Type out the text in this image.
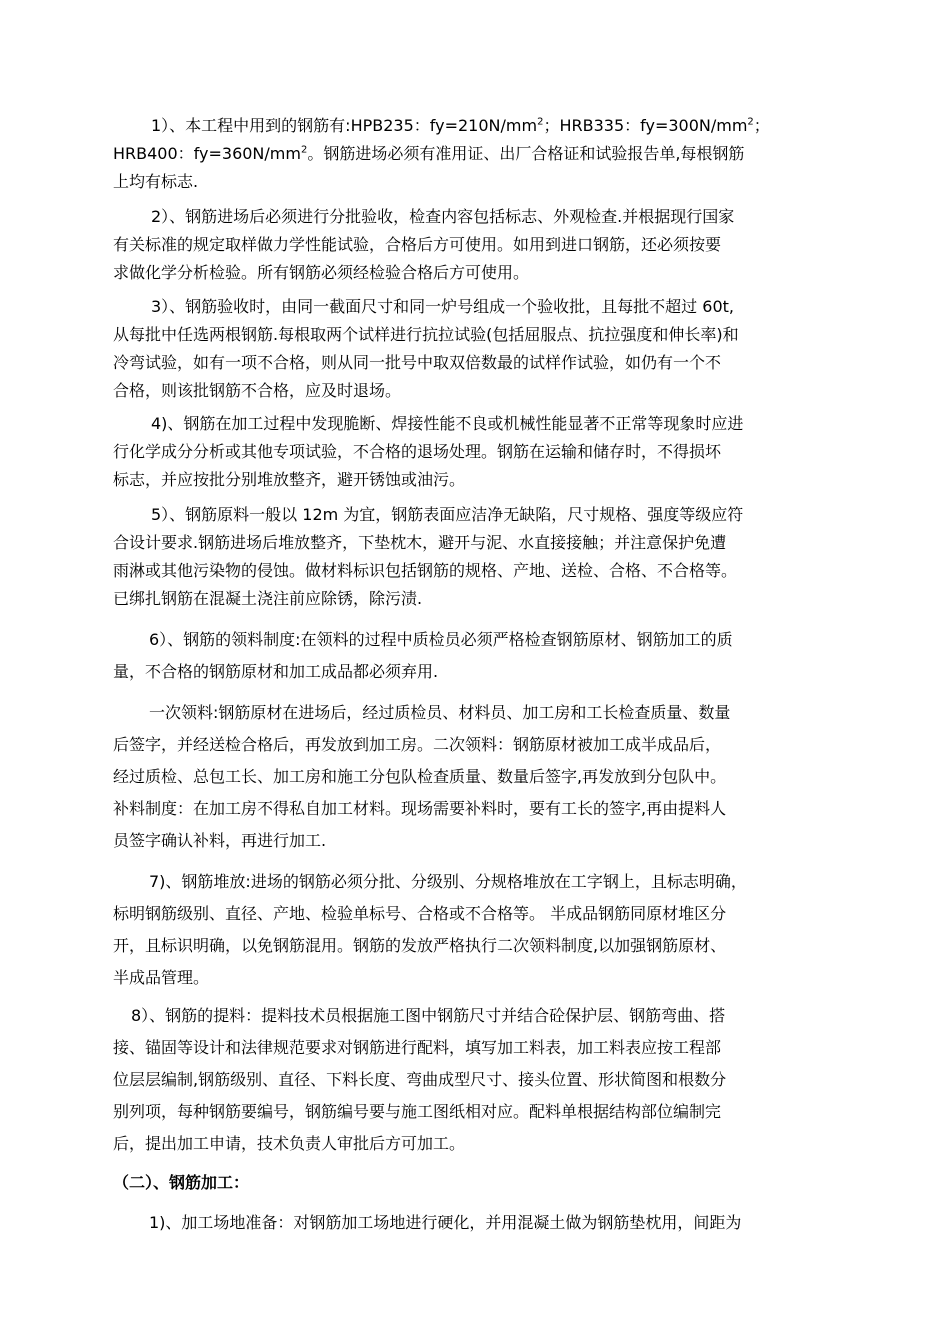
1）、本工程中用到的钢筋有:HPB235：$fy=210N/mm^2$；HRB335：$fy=300N/mm^2$；
HRB400：$fy=360N/mm^2$。钢筋进场必须有准用证、出厂合格证和试验报告单,每根钢筋
上均有标志.
2）、钢筋进场后必须进行分批验收，检查内容包括标志、外观检查.并根据现行国家
有关标准的规定取样做力学性能试验，合格后方可使用。如用到进口钢筋，还必须按要
求做化学分析检验。所有钢筋必须经检验合格后方可使用。
3）、钢筋验收时，由同一截面尺寸和同一炉号组成一个验收批，且每批不超过 60t,
从每批中任选两根钢筋.每根取两个试样进行抗拉试验(包括屈服点、抗拉强度和伸长率)和
冷弯试验，如有一项不合格，则从同一批号中取双倍数最的试样作试验，如仍有一个不
合格，则该批钢筋不合格，应及时退场。
4)、钢筋在加工过程中发现脆断、焊接性能不良或机械性能显著不正常等现象时应进
行化学成分分析或其他专项试验，不合格的退场处理。钢筋在运输和储存时，不得损坏
标志，并应按批分别堆放整齐，避开锈蚀或油污。
5）、钢筋原料一般以 12m 为宜，钢筋表面应洁净无缺陷，尺寸规格、强度等级应符
合设计要求.钢筋进场后堆放整齐，下垫枕木，避开与泥、水直接接触；并注意保护免遭
雨淋或其他污染物的侵蚀。做材料标识包括钢筋的规格、产地、送检、合格、不合格等。
已绑扎钢筋在混凝土浇注前应除锈，除污渍.
6）、钢筋的领料制度:在领料的过程中质检员必须严格检查钢筋原材、钢筋加工的质
量，不合格的钢筋原材和加工成品都必须弃用.
一次领料:钢筋原材在进场后，经过质检员、材料员、加工房和工长检查质量、数量
后签字，并经送检合格后，再发放到加工房。二次领料：钢筋原材被加工成半成品后，
经过质检、总包工长、加工房和施工分包队检查质量、数量后签字,再发放到分包队中。
补料制度：在加工房不得私自加工材料。现场需要补料时，要有工长的签字,再由提料人
员签字确认补料，再进行加工.
7)、钢筋堆放:进场的钢筋必须分批、分级别、分规格堆放在工字钢上，且标志明确，
标明钢筋级别、直径、产地、检验单标号、合格或不合格等。 半成品钢筋同原材堆区分
开，且标识明确，以免钢筋混用。钢筋的发放严格执行二次领料制度,以加强钢筋原材、
半成品管理。
8）、钢筋的提料：提料技术员根据施工图中钢筋尺寸并结合砼保护层、钢筋弯曲、搭
接、锚固等设计和法律规范要求对钢筋进行配料，填写加工料表，加工料表应按工程部
位层层编制,钢筋级别、直径、下料长度、弯曲成型尺寸、接头位置、形状简图和根数分
别列项，每种钢筋要编号，钢筋编号要与施工图纸相对应。配料单根据结构部位编制完
后，提出加工申请，技术负责人审批后方可加工。
（二）、钢筋加工：
1)、加工场地准备：对钢筋加工场地进行硬化，并用混凝土做为钢筋垫枕用，间距为
